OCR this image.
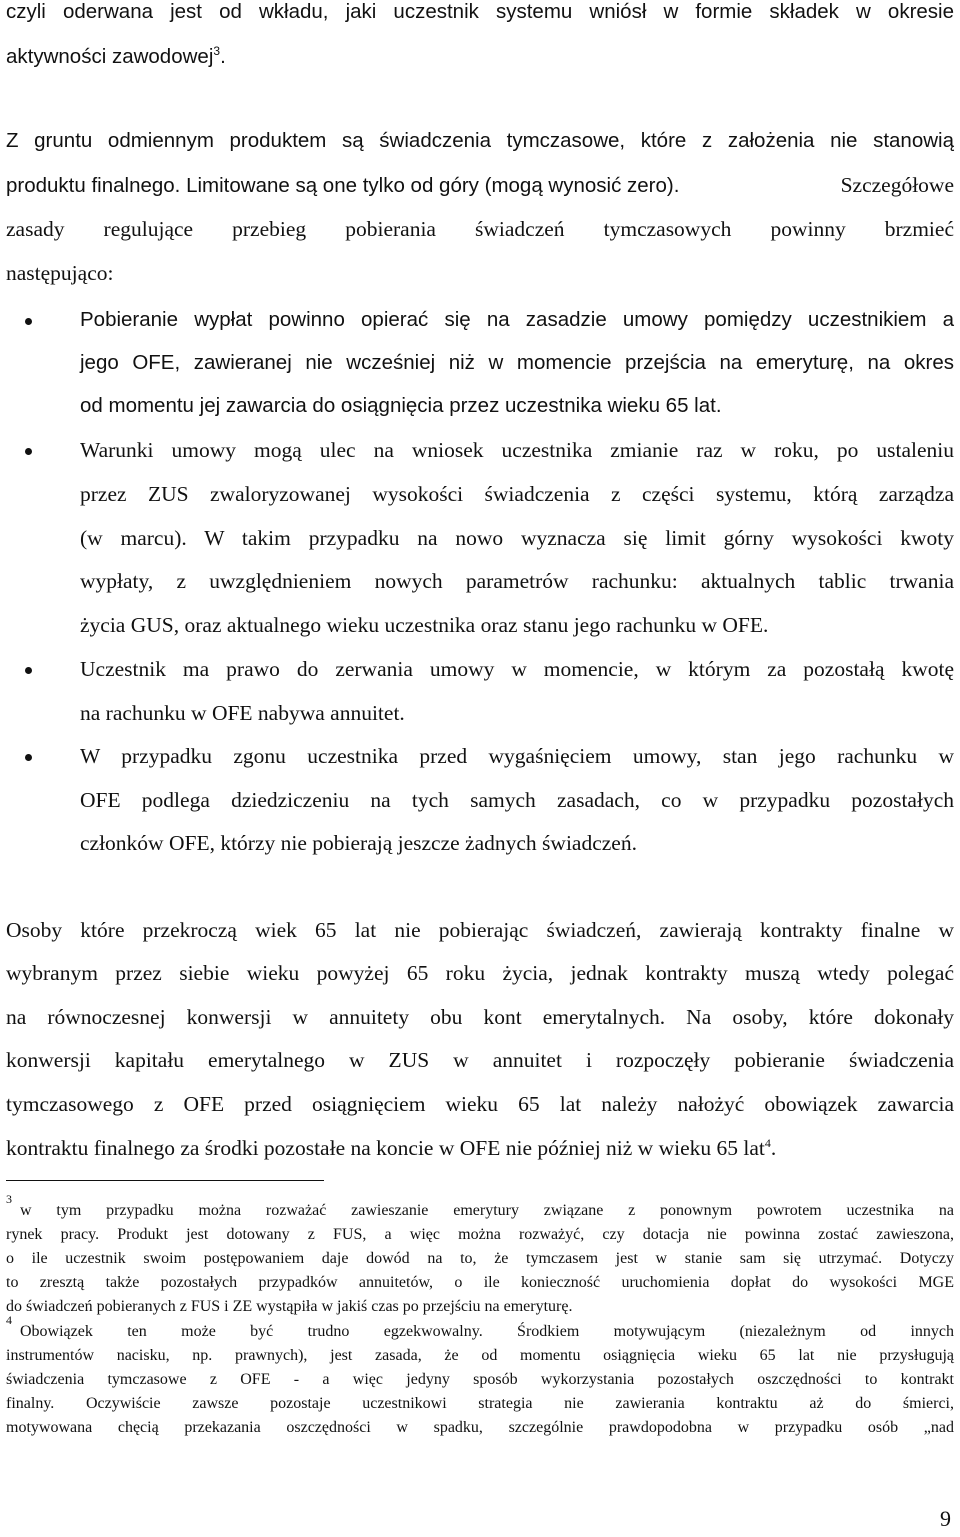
czyli oderwana jest od wkładu, jaki uczestnik systemu wniósł w formie składek w okresie
aktywności zawodowej$^3$.
Z gruntu odmiennym produktem są świadczenia tymczasowe, które z założenia nie stanowią
produktu finalnego. Limitowane są one tylko od góry (mogą wynosić zero).	Szczegółowe
zasady regulujące przebieg pobierania świadczeń tymczasowych powinny brzmieć
następująco:
Pobieranie wypłat powinno opierać się na zasadzie umowy pomiędzy uczestnikiem a
jego OFE, zawieranej nie wcześniej niż w momencie przejścia na emeryturę, na okres
od momentu jej zawarcia do osiągnięcia przez uczestnika wieku 65 lat.
Warunki umowy mogą ulec na wniosek uczestnika zmianie raz w roku, po ustaleniu
przez ZUS zwaloryzowanej wysokości świadczenia z części systemu, którą zarządza
(w marcu). W takim przypadku na nowo wyznacza się limit górny wysokości kwoty
wypłaty, z uwzględnieniem nowych parametrów rachunku: aktualnych tablic trwania
życia GUS, oraz aktualnego wieku uczestnika oraz stanu jego rachunku w OFE.
Uczestnik ma prawo do zerwania umowy w momencie, w którym za pozostałą kwotę
na rachunku w OFE nabywa annuitet.
W przypadku zgonu uczestnika przed wygaśnięciem umowy, stan jego rachunku w
OFE podlega dziedziczeniu na tych samych zasadach, co w przypadku pozostałych
członków OFE, którzy nie pobierają jeszcze żadnych świadczeń.
Osoby które przekroczą wiek 65 lat nie pobierając świadczeń, zawierają kontrakty finalne w
wybranym przez siebie wieku powyżej 65 roku życia, jednak kontrakty muszą wtedy polegać
na równoczesnej konwersji w annuitety obu kont emerytalnych. Na osoby, które dokonały
konwersji kapitału emerytalnego w ZUS w annuitet i rozpoczęły pobieranie świadczenia
tymczasowego z OFE przed osiągnięciem wieku 65 lat należy nałożyć obowiązek zawarcia
kontraktu finalnego za środki pozostałe na koncie w OFE nie później niż w wieku 65 lat$^4$.
3
w tym przypadku można rozważać zawieszanie emerytury związane z ponownym powrotem uczestnika na
rynek pracy. Produkt jest dotowany z FUS, a więc można rozważyć, czy dotacja nie powinna zostać zawieszona,
o ile uczestnik swoim postępowaniem daje dowód na to, że tymczasem jest w stanie sam się utrzymać. Dotyczy
to zresztą także pozostałych przypadków annuitetów, o ile konieczność uruchomienia dopłat do wysokości MGE
do świadczeń pobieranych z FUS i ZE wystąpiła w jakiś czas po przejściu na emeryturę.
4
Obowiązek ten może być trudno egzekwowalny. Środkiem motywującym (niezależnym od innych
instrumentów nacisku, np. prawnych), jest zasada, że od momentu osiągnięcia wieku 65 lat nie przysługują
świadczenia tymczasowe z OFE - a więc jedyny sposób wykorzystania pozostałych oszczędności to kontrakt
finalny. Oczywiście zawsze pozostaje uczestnikowi strategia nie zawierania kontraktu aż do śmierci,
motywowana chęcią przekazania oszczędności w spadku, szczególnie prawdopodobna w przypadku osób „nad
9
